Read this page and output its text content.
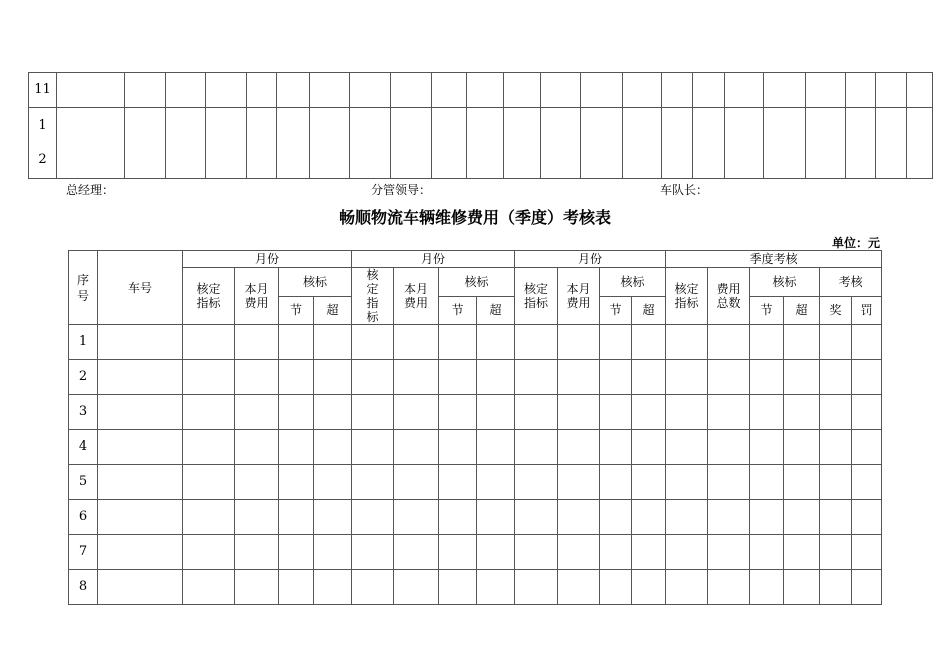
11																							
1
2																							
总经理：	分管领导：	车队长：
畅顺物流车辆维修费用（季度）考核表
单位：元
序号	车号	月份				月份				月份				季度考核					
		核定指标	本月费用	核标		核定指标	本月费用	核标		核定指标	本月费用	核标		核定指标	费用总数	核标		考核	
				节	超			节	超			节	超			节	超	奖	罚
1																			
2																			
3																			
4																			
5																			
6																			
7																			
8																			
